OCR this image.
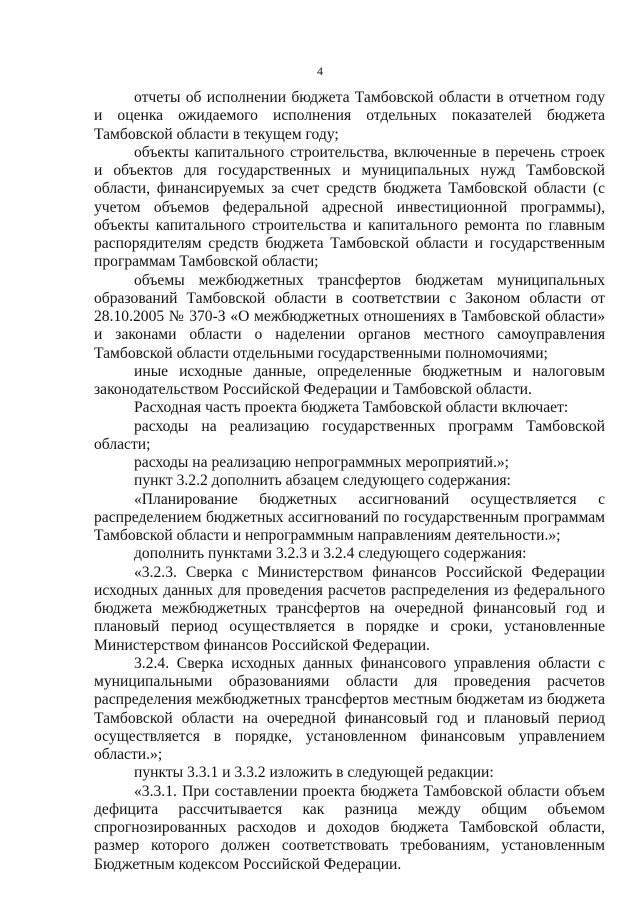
4

отчеты об исполнении бюджета Тамбовской области в отчетном году и оценка ожидаемого исполнения отдельных показателей бюджета Тамбовской области в текущем году;

объекты капитального строительства, включенные в перечень строек и объектов для государственных и муниципальных нужд Тамбовской области, финансируемых за счет средств бюджета Тамбовской области (с учетом объемов федеральной адресной инвестиционной программы), объекты капитального строительства и капитального ремонта по главным распорядителям средств бюджета Тамбовской области и государственным программам Тамбовской области;

объемы межбюджетных трансфертов бюджетам муниципальных образований Тамбовской области в соответствии с Законом области от 28.10.2005 № 370-З «О межбюджетных отношениях в Тамбовской области» и законами области о наделении органов местного самоуправления Тамбовской области отдельными государственными полномочиями;

иные исходные данные, определенные бюджетным и налоговым законодательством Российской Федерации и Тамбовской области.

Расходная часть проекта бюджета Тамбовской области включает:

расходы на реализацию государственных программ Тамбовской области;

расходы на реализацию непрограммных мероприятий.»;

пункт 3.2.2 дополнить абзацем следующего содержания:

«Планирование бюджетных ассигнований осуществляется с распределением бюджетных ассигнований по государственным программам Тамбовской области и непрограммным направлениям деятельности.»;

дополнить пунктами 3.2.3 и 3.2.4 следующего содержания:

«3.2.3. Сверка с Министерством финансов Российской Федерации исходных данных для проведения расчетов распределения из федерального бюджета межбюджетных трансфертов на очередной финансовый год и плановый период осуществляется в порядке и сроки, установленные Министерством финансов Российской Федерации.

3.2.4. Сверка исходных данных финансового управления области с муниципальными образованиями области для проведения расчетов распределения межбюджетных трансфертов местным бюджетам из бюджета Тамбовской области на очередной финансовый год и плановый период осуществляется в порядке, установленном финансовым управлением области.»;

пункты 3.3.1 и 3.3.2 изложить в следующей редакции:

«3.3.1. При составлении проекта бюджета Тамбовской области объем дефицита рассчитывается как разница между общим объемом спрогнозированных расходов и доходов бюджета Тамбовской области, размер которого должен соответствовать требованиям, установленным Бюджетным кодексом Российской Федерации.
